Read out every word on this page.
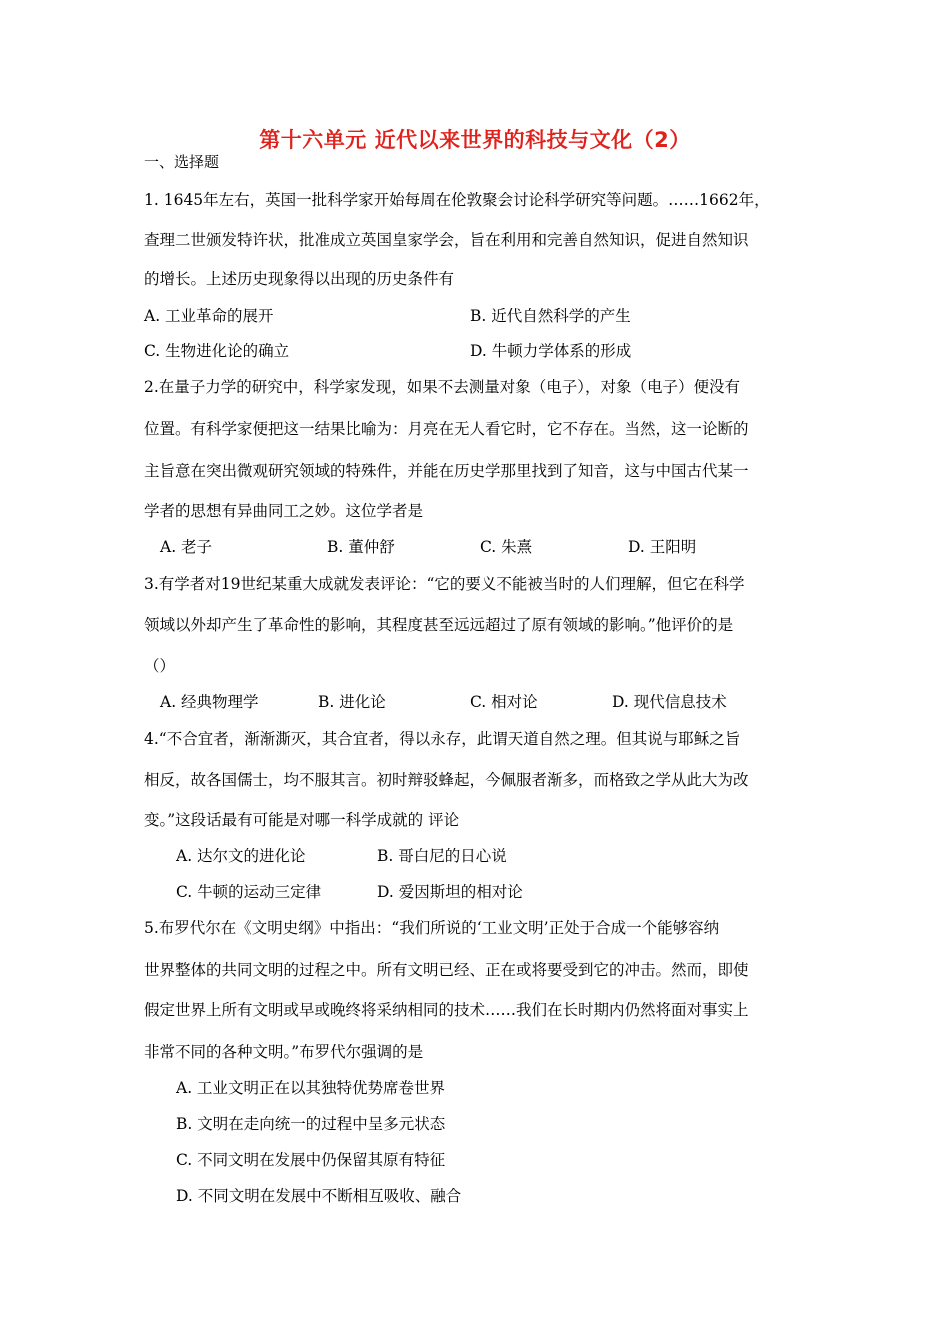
第十六单元 近代以来世界的科技与文化（2）
一、选择题
1. 1645年左右，英国一批科学家开始每周在伦敦聚会讨论科学研究等问题。……1662年，
查理二世颁发特许状，批准成立英国皇家学会，旨在利用和完善自然知识，促进自然知识
的增长。上述历史现象得以出现的历史条件有
A. 工业革命的展开	B. 近代自然科学的产生
C. 生物进化论的确立	D. 牛顿力学体系的形成
2.在量子力学的研究中，科学家发现，如果不去测量对象（电子），对象（电子）便没有
位置。有科学家便把这一结果比喻为：月亮在无人看它时，它不存在。当然，这一论断的
主旨意在突出微观研究领域的特殊件，并能在历史学那里找到了知音，这与中国古代某一
学者的思想有异曲同工之妙。这位学者是
A. 老子	B. 董仲舒	C. 朱熹	D. 王阳明
3.有学者对19世纪某重大成就发表评论：“它的要义不能被当时的人们理解，但它在科学
领域以外却产生了革命性的影响，其程度甚至远远超过了原有领域的影响。”他评价的是
（）
A. 经典物理学	B. 进化论	C. 相对论	D. 现代信息技术
4.“不合宜者，渐渐澌灭，其合宜者，得以永存，此谓天道自然之理。但其说与耶稣之旨
相反，故各国儒士，均不服其言。初时辩驳蜂起，今佩服者渐多，而格致之学从此大为改
变。”这段话最有可能是对哪一科学成就的 评论
A. 达尔文的进化论	B. 哥白尼的日心说
C. 牛顿的运动三定律	D. 爱因斯坦的相对论
5.布罗代尔在《文明史纲》中指出：“我们所说的‘工业文明’正处于合成一个能够容纳
世界整体的共同文明的过程之中。所有文明已经、正在或将要受到它的冲击。然而，即使
假定世界上所有文明或早或晚终将采纳相同的技术……我们在长时期内仍然将面对事实上
非常不同的各种文明。”布罗代尔强调的是
A. 工业文明正在以其独特优势席卷世界
B. 文明在走向统一的过程中呈多元状态
C. 不同文明在发展中仍保留其原有特征
D. 不同文明在发展中不断相互吸收、融合
